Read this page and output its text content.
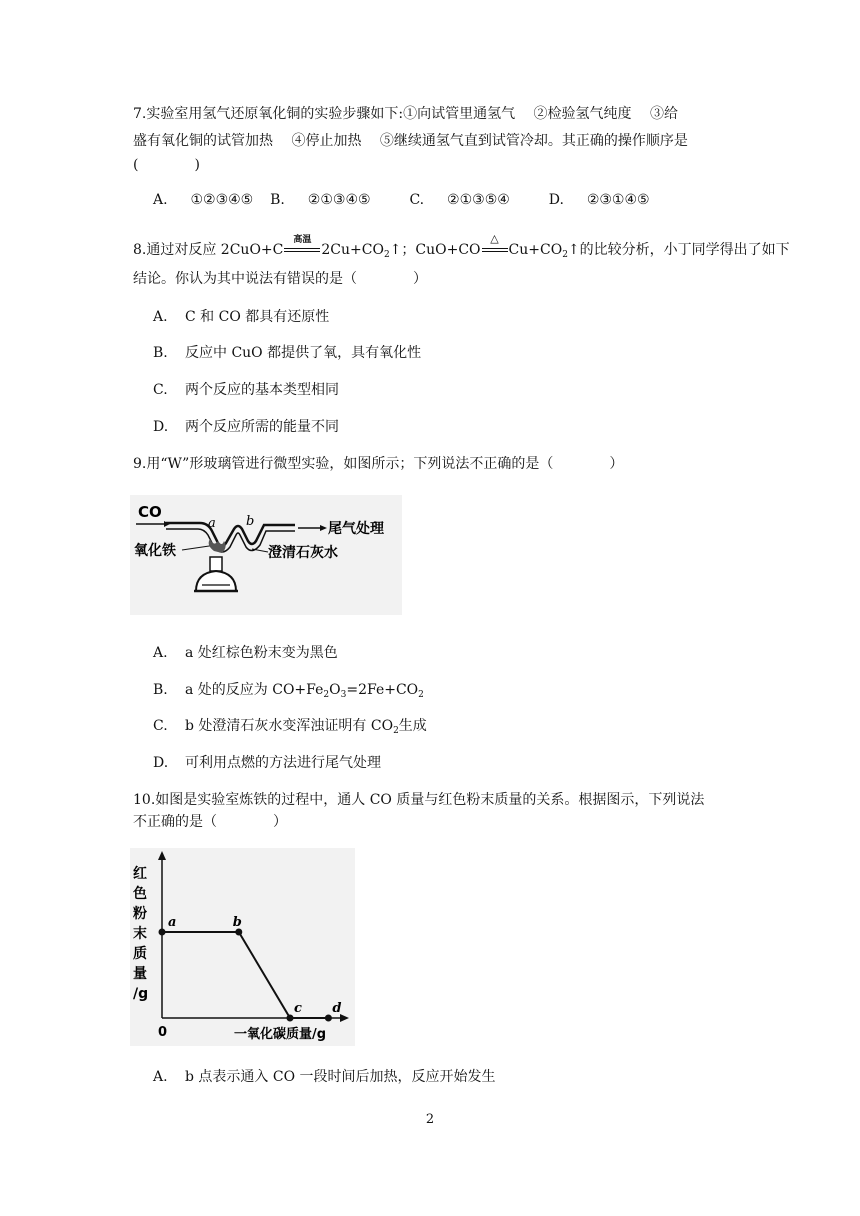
7.实验室用氢气还原氧化铜的实验步骤如下:①向试管里通氢气　 ②检验氢气纯度　 ③给
盛有氧化铜的试管加热　 ④停止加热　 ⑤继续通氢气直到试管冷却。其正确的操作顺序是
(　　　　)
A. ①②③④⑤ B. ②①③④⑤	C. ②①③⑤④	D. ②③①④⑤
8.通过对反应 2CuO+C
高温
$2Cu+CO_2↑$；CuO+CO
△
$Cu+CO_2↑$的比较分析，小丁同学得出了如下
结论。你认为其中说法有错误的是（　　　　）
A. C 和 CO 都具有还原性
B. 反应中 CuO 都提供了氧，具有氧化性
C. 两个反应的基本类型相同
D. 两个反应所需的能量不同
9.用“W”形玻璃管进行微型实验，如图所示；下列说法不正确的是（　　　　）
CO
a b	尾气处理
氧化铁	澄清石灰水
A. a 处红棕色粉末变为黑色
B. a 处的反应为 $CO+Fe_2O_3=2Fe+CO_2$
C. b 处澄清石灰水变浑浊证明有 $CO_2$生成
D. 可利用点燃的方法进行尾气处理
10.如图是实验室炼铁的过程中，通人 CO 质量与红色粉末质量的关系。根据图示，下列说法
不正确的是（　　　　）
红
色
粉
末
质
量
/g
0	一氧化碳质量/g
a	b
c d
A. b 点表示通入 CO 一段时间后加热，反应开始发生
2
